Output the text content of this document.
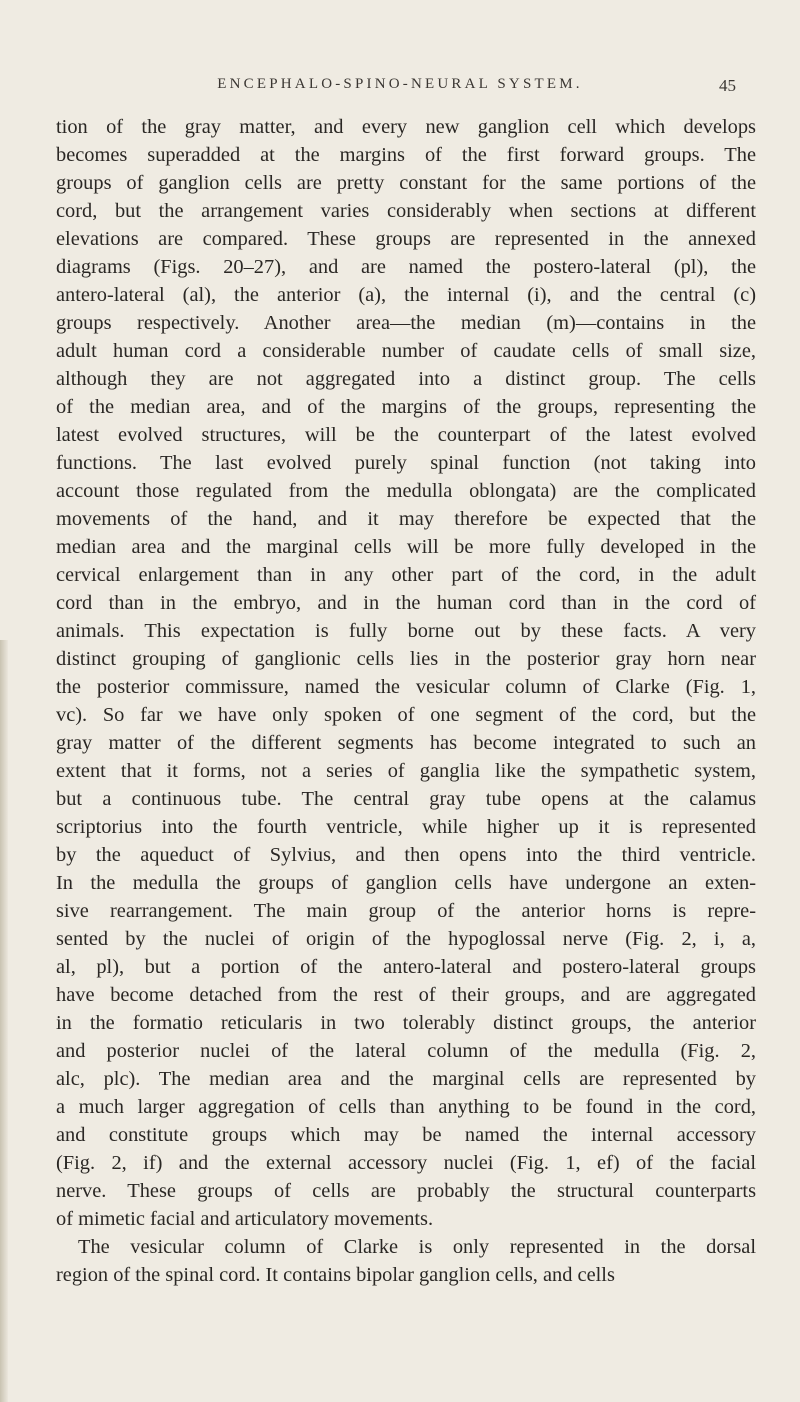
ENCEPHALO-SPINO-NEURAL SYSTEM.	45

tion of the gray matter, and every new ganglion cell which develops
becomes superadded at the margins of the first forward groups. The
groups of ganglion cells are pretty constant for the same portions of the
cord, but the arrangement varies considerably when sections at different
elevations are compared. These groups are represented in the annexed
diagrams (Figs. 20–27), and are named the postero-lateral (pl), the
antero-lateral (al), the anterior (a), the internal (i), and the central (c)
groups respectively. Another area—the median (m)—contains in the
adult human cord a considerable number of caudate cells of small size,
although they are not aggregated into a distinct group. The cells
of the median area, and of the margins of the groups, representing the
latest evolved structures, will be the counterpart of the latest evolved
functions. The last evolved purely spinal function (not taking into
account those regulated from the medulla oblongata) are the complicated
movements of the hand, and it may therefore be expected that the
median area and the marginal cells will be more fully developed in the
cervical enlargement than in any other part of the cord, in the adult
cord than in the embryo, and in the human cord than in the cord of
animals. This expectation is fully borne out by these facts. A very
distinct grouping of ganglionic cells lies in the posterior gray horn near
the posterior commissure, named the vesicular column of Clarke (Fig. 1,
vc). So far we have only spoken of one segment of the cord, but the
gray matter of the different segments has become integrated to such an
extent that it forms, not a series of ganglia like the sympathetic system,
but a continuous tube. The central gray tube opens at the calamus
scriptorius into the fourth ventricle, while higher up it is represented
by the aqueduct of Sylvius, and then opens into the third ventricle.
In the medulla the groups of ganglion cells have undergone an exten-
sive rearrangement. The main group of the anterior horns is repre-
sented by the nuclei of origin of the hypoglossal nerve (Fig. 2, i, a,
al, pl), but a portion of the antero-lateral and postero-lateral groups
have become detached from the rest of their groups, and are aggregated
in the formatio reticularis in two tolerably distinct groups, the anterior
and posterior nuclei of the lateral column of the medulla (Fig. 2,
alc, plc). The median area and the marginal cells are represented by
a much larger aggregation of cells than anything to be found in the cord,
and constitute groups which may be named the internal accessory
(Fig. 2, if) and the external accessory nuclei (Fig. 1, ef) of the facial
nerve. These groups of cells are probably the structural counterparts
of mimetic facial and articulatory movements.

The vesicular column of Clarke is only represented in the dorsal
region of the spinal cord. It contains bipolar ganglion cells, and cells
